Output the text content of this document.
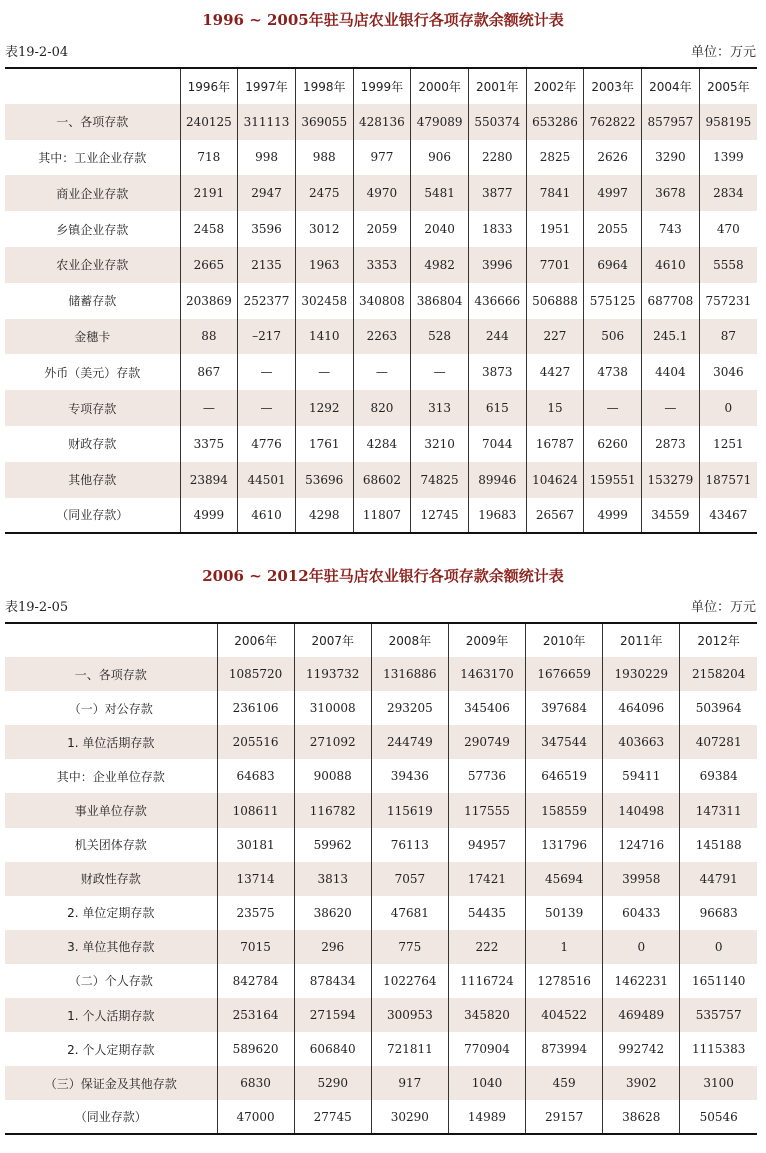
1996 ~ 2005年驻马店农业银行各项存款余额统计表
表19-2-04	单位：万元
	1996年	1997年	1998年	1999年	2000年	2001年	2002年	2003年	2004年	2005年
一、各项存款	240125	311113	369055	428136	479089	550374	653286	762822	857957	958195
其中：工业企业存款	718	998	988	977	906	2280	2825	2626	3290	1399
商业企业存款	2191	2947	2475	4970	5481	3877	7841	4997	3678	2834
乡镇企业存款	2458	3596	3012	2059	2040	1833	1951	2055	743	470
农业企业存款	2665	2135	1963	3353	4982	3996	7701	6964	4610	5558
储蓄存款	203869	252377	302458	340808	386804	436666	506888	575125	687708	757231
金穗卡	88	–217	1410	2263	528	244	227	506	245.1	87
外币（美元）存款	867	—	—	—	—	3873	4427	4738	4404	3046
专项存款	—	—	1292	820	313	615	15	—	—	0
财政存款	3375	4776	1761	4284	3210	7044	16787	6260	2873	1251
其他存款	23894	44501	53696	68602	74825	89946	104624	159551	153279	187571
（同业存款）	4999	4610	4298	11807	12745	19683	26567	4999	34559	43467
2006 ~ 2012年驻马店农业银行各项存款余额统计表
表19-2-05	单位：万元
	2006年	2007年	2008年	2009年	2010年	2011年	2012年
一、各项存款	1085720	1193732	1316886	1463170	1676659	1930229	2158204
（一）对公存款	236106	310008	293205	345406	397684	464096	503964
1. 单位活期存款	205516	271092	244749	290749	347544	403663	407281
其中：企业单位存款	64683	90088	39436	57736	646519	59411	69384
事业单位存款	108611	116782	115619	117555	158559	140498	147311
机关团体存款	30181	59962	76113	94957	131796	124716	145188
财政性存款	13714	3813	7057	17421	45694	39958	44791
2. 单位定期存款	23575	38620	47681	54435	50139	60433	96683
3. 单位其他存款	7015	296	775	222	1	0	0
（二）个人存款	842784	878434	1022764	1116724	1278516	1462231	1651140
1. 个人活期存款	253164	271594	300953	345820	404522	469489	535757
2. 个人定期存款	589620	606840	721811	770904	873994	992742	1115383
（三）保证金及其他存款	6830	5290	917	1040	459	3902	3100
（同业存款）	47000	27745	30290	14989	29157	38628	50546
